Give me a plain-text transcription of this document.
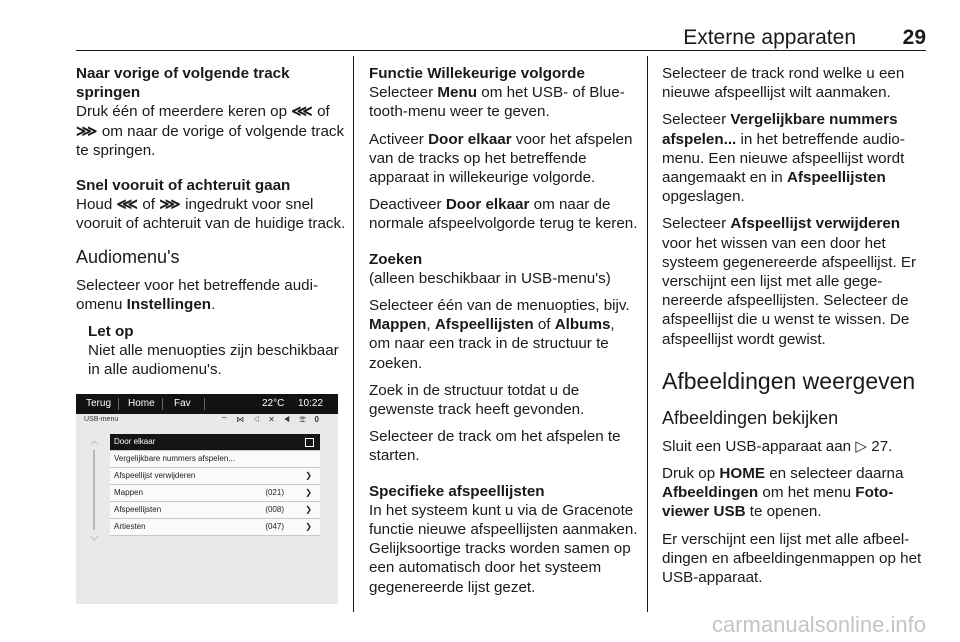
Externe apparaten 29

Naar vorige of volgende track springen

Druk één of meerdere keren op ⋘ of ⋙ om naar de vorige of volgende track te springen.

Snel vooruit of achteruit gaan

Houd ⋘ of ⋙ ingedrukt voor snel vooruit of achteruit van de huidige track.

Audiomenu's

Selecteer voor het betreffende audiomenu Instellingen.

Let op
Niet alle menuopties zijn beschikbaar in alle audiomenu's.
Terug Home Fav	22°C 10:22
USB-menu	⌔ ⋈ ◁ ✕ ◀ ☏ 0
︿
﹀
Door elkaar
Vergelijkbare nummers afspelen...
Afspeellijst verwijderen	❯
Mappen	(021)	❯
Afspeellijsten	(008)	❯
Artiesten	(047)	❯

Functie Willekeurige volgorde

Selecteer Menu om het USB- of Bluetooth-menu weer te geven.

Activeer Door elkaar voor het afspelen van de tracks op het betreffende apparaat in willekeurige volgorde.

Deactiveer Door elkaar om naar de normale afspeelvolgorde terug te keren.

Zoeken

(alleen beschikbaar in USB-menu's)

Selecteer één van de menuopties, bijv. Mappen, Afspeellijsten of Albums, om naar een track in de structuur te zoeken.

Zoek in de structuur totdat u de gewenste track heeft gevonden.

Selecteer de track om het afspelen te starten.

Specifieke afspeellijsten

In het systeem kunt u via de Gracenote functie nieuwe afspeellijsten aanmaken. Gelijksoortige tracks worden samen op een automatisch door het systeem gegenereerde lijst gezet.

Selecteer de track rond welke u een nieuwe afspeellijst wilt aanmaken.

Selecteer Vergelijkbare nummers afspelen... in het betreffende audiomenu. Een nieuwe afspeellijst wordt aangemaakt en in Afspeellijsten opgeslagen.

Selecteer Afspeellijst verwijderen voor het wissen van een door het systeem gegenereerde afspeellijst. Er verschijnt een lijst met alle gegenereerde afspeellijsten. Selecteer de afspeellijst die u wenst te wissen. De afspeellijst wordt gewist.

Afbeeldingen weergeven
Afbeeldingen bekijken

Sluit een USB-apparaat aan ▷ 27.

Druk op HOME en selecteer daarna Afbeeldingen om het menu Fotoviewer USB te openen.

Er verschijnt een lijst met alle afbeeldingen en afbeeldingenmappen op het USB-apparaat.

carmanualsonline.info
